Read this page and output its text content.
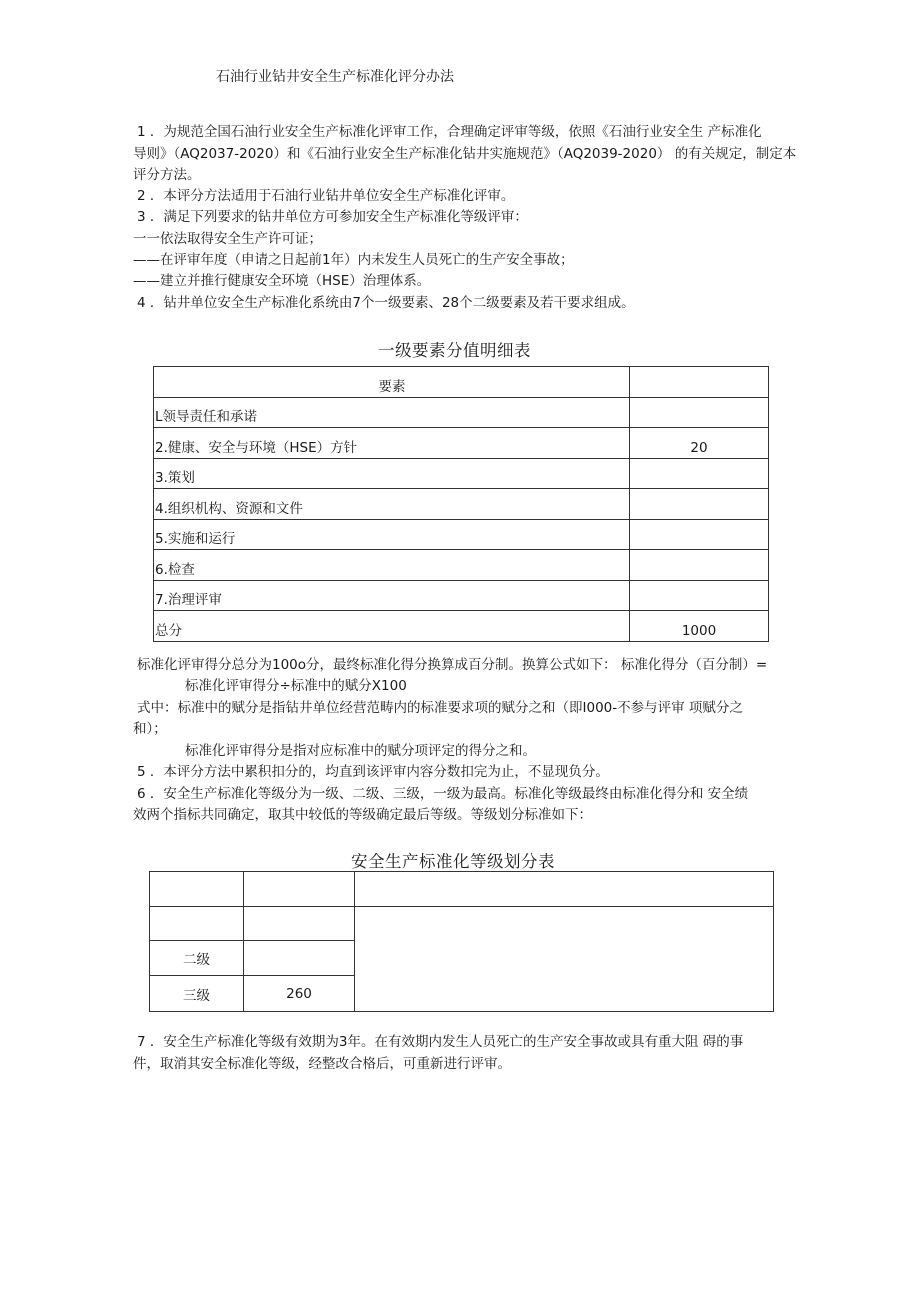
石油行业钻井安全生产标准化评分办法
1 ．为规范全国石油行业安全生产标准化评审工作，合理确定评审等级，依照《石油行业安全生 产标准化
导则》（AQ2037-2020）和《石油行业安全生产标准化钻井实施规范》（AQ2039-2020） 的有关规定，制定本
评分方法。
2 ．本评分方法适用于石油行业钻井单位安全生产标准化评审。
3 ．满足下列要求的钻井单位方可参加安全生产标准化等级评审：
一一依法取得安全生产许可证；
——在评审年度（申请之日起前1年）内未发生人员死亡的生产安全事故；
——建立并推行健康安全环境（HSE）治理体系。
4 ．钻井单位安全生产标准化系统由7个一级要素、28个二级要素及若干要求组成。
一级要素分值明细表
要素	
L领导责任和承诺	
2.健康、安全与环境（HSE）方针	20
3.策划	
4.组织机构、资源和文件	
5.实施和运行	
6.检查	
7.治理评审	
总分	1000
标准化评审得分总分为100o分，最终标准化得分换算成百分制。换算公式如下： 标准化得分（百分制）=
标准化评审得分÷标准中的赋分X100
式中：标准中的赋分是指钻井单位经营范畴内的标准要求项的赋分之和（即I000-不参与评审 项赋分之
和）；
标准化评审得分是指对应标准中的赋分项评定的得分之和。
5 ．本评分方法中累积扣分的，均直到该评审内容分数扣完为止，不显现负分。
6 ．安全生产标准化等级分为一级、二级、三级，一级为最高。标准化等级最终由标准化得分和 安全绩
效两个指标共同确定，取其中较低的等级确定最后等级。等级划分标准如下：
安全生产标准化等级划分表

二级		
三级	260	
7 ．安全生产标准化等级有效期为3年。在有效期内发生人员死亡的生产安全事故或具有重大阻 碍的事
件，取消其安全标准化等级，经整改合格后，可重新进行评审。
